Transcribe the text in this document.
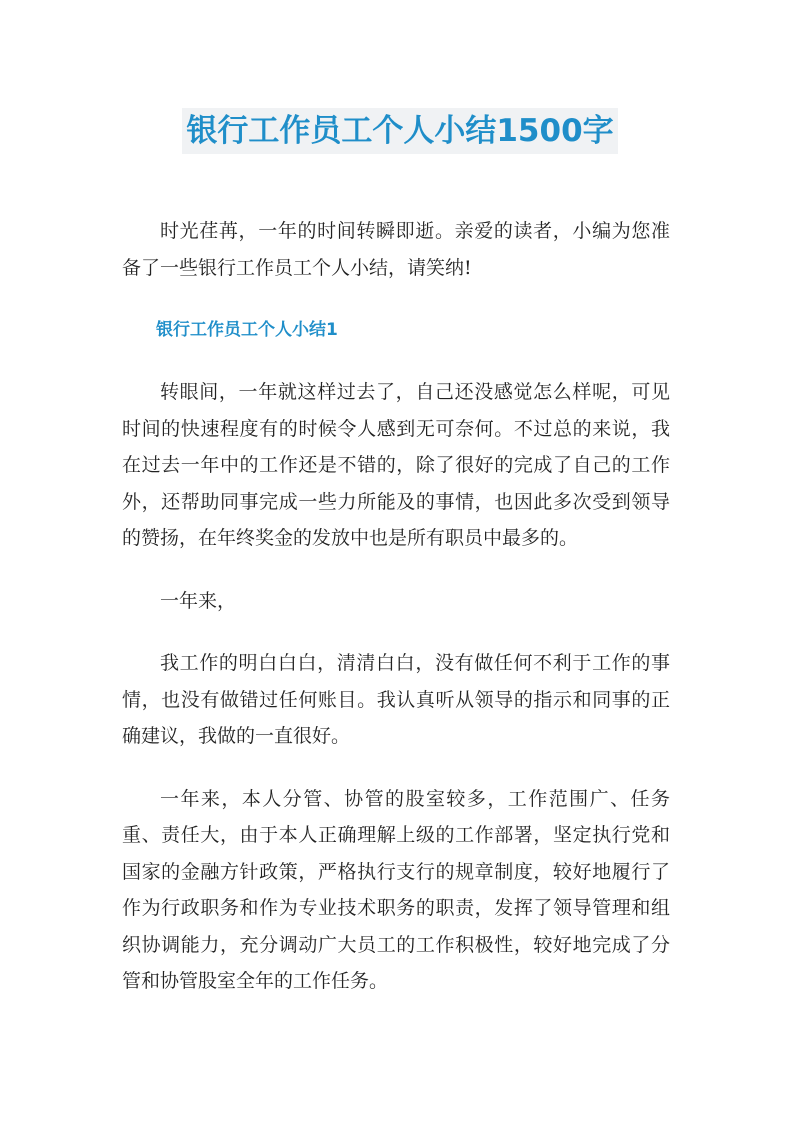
银行工作员工个人小结1500字

时光荏苒，一年的时间转瞬即逝。亲爱的读者，小编为您准备了一些银行工作员工个人小结，请笑纳!

银行工作员工个人小结1

转眼间，一年就这样过去了，自己还没感觉怎么样呢，可见时间的快速程度有的时候令人感到无可奈何。不过总的来说，我在过去一年中的工作还是不错的，除了很好的完成了自己的工作外，还帮助同事完成一些力所能及的事情，也因此多次受到领导的赞扬，在年终奖金的发放中也是所有职员中最多的。

一年来，

我工作的明白白白，清清白白，没有做任何不利于工作的事情，也没有做错过任何账目。我认真听从领导的指示和同事的正确建议，我做的一直很好。

一年来，本人分管、协管的股室较多，工作范围广、任务重、责任大，由于本人正确理解上级的工作部署，坚定执行党和国家的金融方针政策，严格执行支行的规章制度，较好地履行了作为行政职务和作为专业技术职务的职责，发挥了领导管理和组织协调能力，充分调动广大员工的工作积极性，较好地完成了分管和协管股室全年的工作任务。
